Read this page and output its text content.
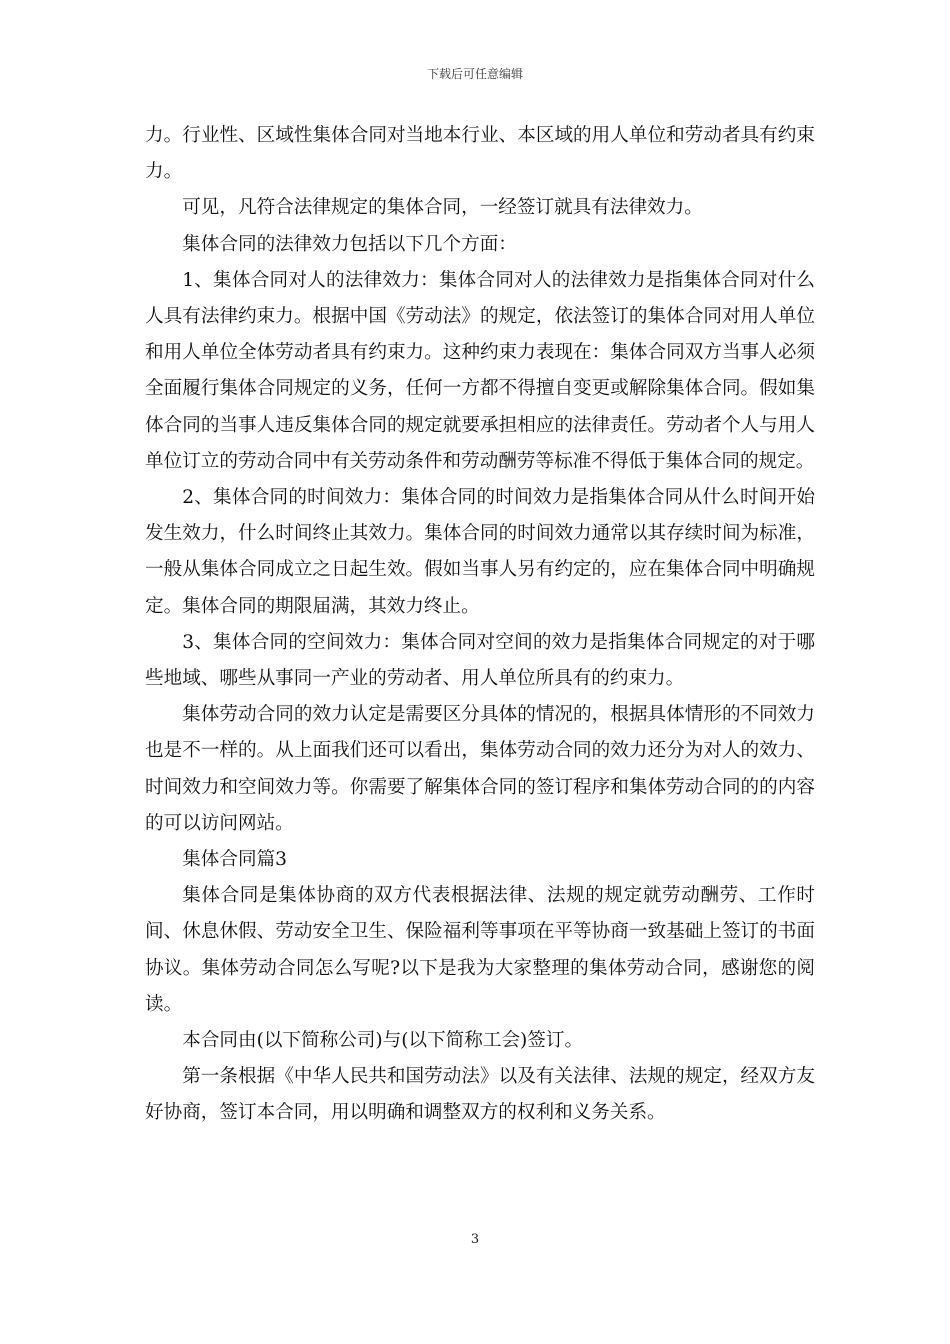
下载后可任意编辑

力。行业性、区域性集体合同对当地本行业、本区域的用人单位和劳动者具有约束力。

可见，凡符合法律规定的集体合同，一经签订就具有法律效力。

集体合同的法律效力包括以下几个方面：

1、集体合同对人的法律效力：集体合同对人的法律效力是指集体合同对什么人具有法律约束力。根据中国《劳动法》的规定，依法签订的集体合同对用人单位和用人单位全体劳动者具有约束力。这种约束力表现在：集体合同双方当事人必须全面履行集体合同规定的义务，任何一方都不得擅自变更或解除集体合同。假如集体合同的当事人违反集体合同的规定就要承担相应的法律责任。劳动者个人与用人单位订立的劳动合同中有关劳动条件和劳动酬劳等标准不得低于集体合同的规定。

2、集体合同的时间效力：集体合同的时间效力是指集体合同从什么时间开始发生效力，什么时间终止其效力。集体合同的时间效力通常以其存续时间为标准，一般从集体合同成立之日起生效。假如当事人另有约定的，应在集体合同中明确规定。集体合同的期限届满，其效力终止。

3、集体合同的空间效力：集体合同对空间的效力是指集体合同规定的对于哪些地域、哪些从事同一产业的劳动者、用人单位所具有的约束力。

集体劳动合同的效力认定是需要区分具体的情况的，根据具体情形的不同效力也是不一样的。从上面我们还可以看出，集体劳动合同的效力还分为对人的效力、时间效力和空间效力等。你需要了解集体合同的签订程序和集体劳动合同的的内容的可以访问网站。

集体合同篇3

集体合同是集体协商的双方代表根据法律、法规的规定就劳动酬劳、工作时间、休息休假、劳动安全卫生、保险福利等事项在平等协商一致基础上签订的书面协议。集体劳动合同怎么写呢?以下是我为大家整理的集体劳动合同，感谢您的阅读。

本合同由(以下简称公司)与(以下简称工会)签订。

第一条根据《中华人民共和国劳动法》以及有关法律、法规的规定，经双方友好协商，签订本合同，用以明确和调整双方的权利和义务关系。

3
